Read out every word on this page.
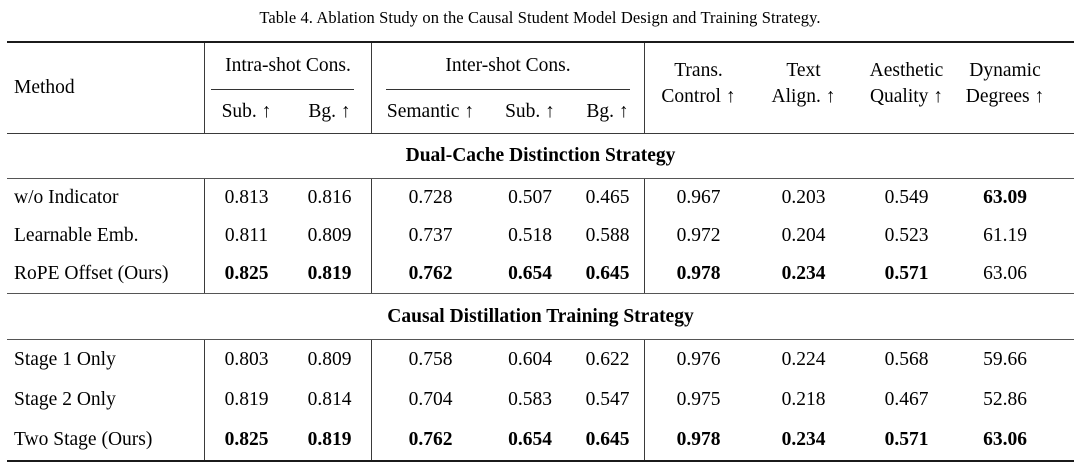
Table 4. Ablation Study on the Causal Student Model Design and Training Strategy.
Method
Intra-shot Cons.
Sub. ↑	Bg. ↑
Inter-shot Cons.
Semantic ↑	Sub. ↑	Bg. ↑
Trans.
Control ↑
Text
Align. ↑
Aesthetic
Quality ↑
Dynamic
Degrees ↑
Dual-Cache Distinction Strategy
w/o Indicator	0.813	0.816	0.728	0.507	0.465	0.967	0.203	0.549	63.09
Learnable Emb.	0.811	0.809	0.737	0.518	0.588	0.972	0.204	0.523	61.19
RoPE Offset (Ours)	0.825	0.819	0.762	0.654	0.645	0.978	0.234	0.571	63.06
Causal Distillation Training Strategy
Stage 1 Only	0.803	0.809	0.758	0.604	0.622	0.976	0.224	0.568	59.66
Stage 2 Only	0.819	0.814	0.704	0.583	0.547	0.975	0.218	0.467	52.86
Two Stage (Ours)	0.825	0.819	0.762	0.654	0.645	0.978	0.234	0.571	63.06
